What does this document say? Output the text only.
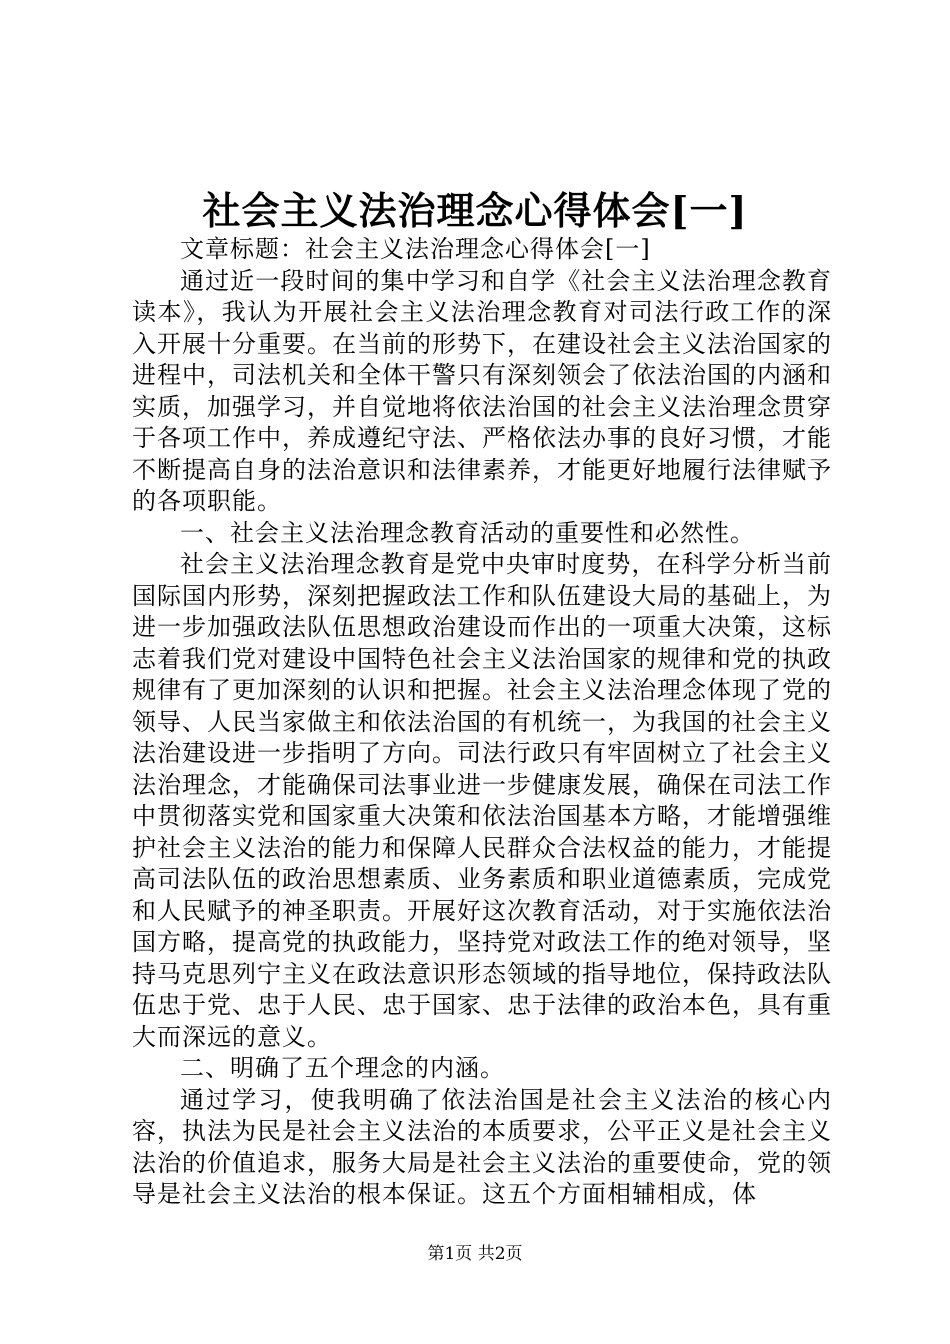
社会主义法治理念心得体会[一]

文章标题：社会主义法治理念心得体会[一]

通过近一段时间的集中学习和自学《社会主义法治理念教育读本》，我认为开展社会主义法治理念教育对司法行政工作的深入开展十分重要。在当前的形势下，在建设社会主义法治国家的进程中，司法机关和全体干警只有深刻领会了依法治国的内涵和实质，加强学习，并自觉地将依法治国的社会主义法治理念贯穿于各项工作中，养成遵纪守法、严格依法办事的良好习惯，才能不断提高自身的法治意识和法律素养，才能更好地履行法律赋予的各项职能。

一、社会主义法治理念教育活动的重要性和必然性。

社会主义法治理念教育是党中央审时度势，在科学分析当前国际国内形势，深刻把握政法工作和队伍建设大局的基础上，为进一步加强政法队伍思想政治建设而作出的一项重大决策，这标志着我们党对建设中国特色社会主义法治国家的规律和党的执政规律有了更加深刻的认识和把握。社会主义法治理念体现了党的领导、人民当家做主和依法治国的有机统一，为我国的社会主义法治建设进一步指明了方向。司法行政只有牢固树立了社会主义法治理念，才能确保司法事业进一步健康发展，确保在司法工作中贯彻落实党和国家重大决策和依法治国基本方略，才能增强维护社会主义法治的能力和保障人民群众合法权益的能力，才能提高司法队伍的政治思想素质、业务素质和职业道德素质，完成党和人民赋予的神圣职责。开展好这次教育活动，对于实施依法治国方略，提高党的执政能力，坚持党对政法工作的绝对领导，坚持马克思列宁主义在政法意识形态领域的指导地位，保持政法队伍忠于党、忠于人民、忠于国家、忠于法律的政治本色，具有重大而深远的意义。

二、明确了五个理念的内涵。

通过学习，使我明确了依法治国是社会主义法治的核心内容，执法为民是社会主义法治的本质要求，公平正义是社会主义法治的价值追求，服务大局是社会主义法治的重要使命，党的领导是社会主义法治的根本保证。这五个方面相辅相成，体

第1页 共2页
